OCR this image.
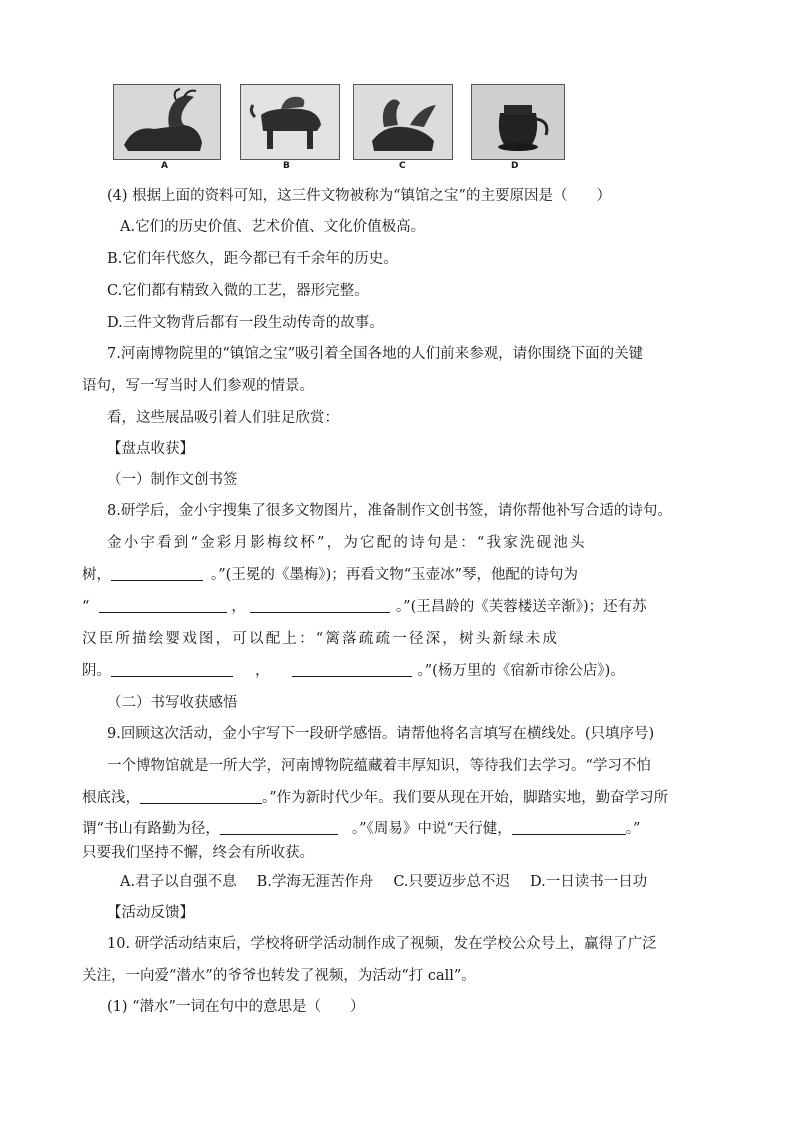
A	B	C	D
(4) 根据上面的资料可知，这三件文物被称为“镇馆之宝”的主要原因是（　　）
A.它们的历史价值、艺术价值、文化价值极高。
B.它们年代悠久，距今都已有千余年的历史。
C.它们都有精致入微的工艺，器形完整。
D.三件文物背后都有一段生动传奇的故事。
7.河南博物院里的“镇馆之宝”吸引着全国各地的人们前来参观，请你围绕下面的关键
语句，写一写当时人们参观的情景。
看，这些展品吸引着人们驻足欣赏：
【盘点收获】
（一）制作文创书签
8.研学后，金小宇搜集了很多文物图片，准备制作文创书签，请你帮他补写合适的诗句。
金小宇看到“金彩月影梅纹杯”，为它配的诗句是：“我家洗砚池头
树，	。”(王冕的《墨梅》)；再看文物“玉壶冰”琴，他配的诗句为
“	，	。”(王昌龄的《芙蓉楼送辛渐》)；还有苏
汉臣所描绘婴戏图，可以配上：“篱落疏疏一径深，树头新绿未成
阴。	，	。”(杨万里的《宿新市徐公店》)。
（二）书写收获感悟
9.回顾这次活动，金小宇写下一段研学感悟。请帮他将名言填写在横线处。(只填序号)
一个博物馆就是一所大学，河南博物院蕴藏着丰厚知识，等待我们去学习。“学习不怕
根底浅，	。”作为新时代少年。我们要从现在开始，脚踏实地，勤奋学习所
谓“书山有路勤为径，	。”《周易》中说“天行健，	。”
只要我们坚持不懈，终会有所收获。
A.君子以自强不息 B.学海无涯苦作舟 C.只要迈步总不迟 D.一日读书一日功
【活动反馈】
10. 研学活动结束后，学校将研学活动制作成了视频，发在学校公众号上，赢得了广泛
关注，一向爱“潜水”的爷爷也转发了视频，为活动“打 call”。
(1) “潜水”一词在句中的意思是（　　）
